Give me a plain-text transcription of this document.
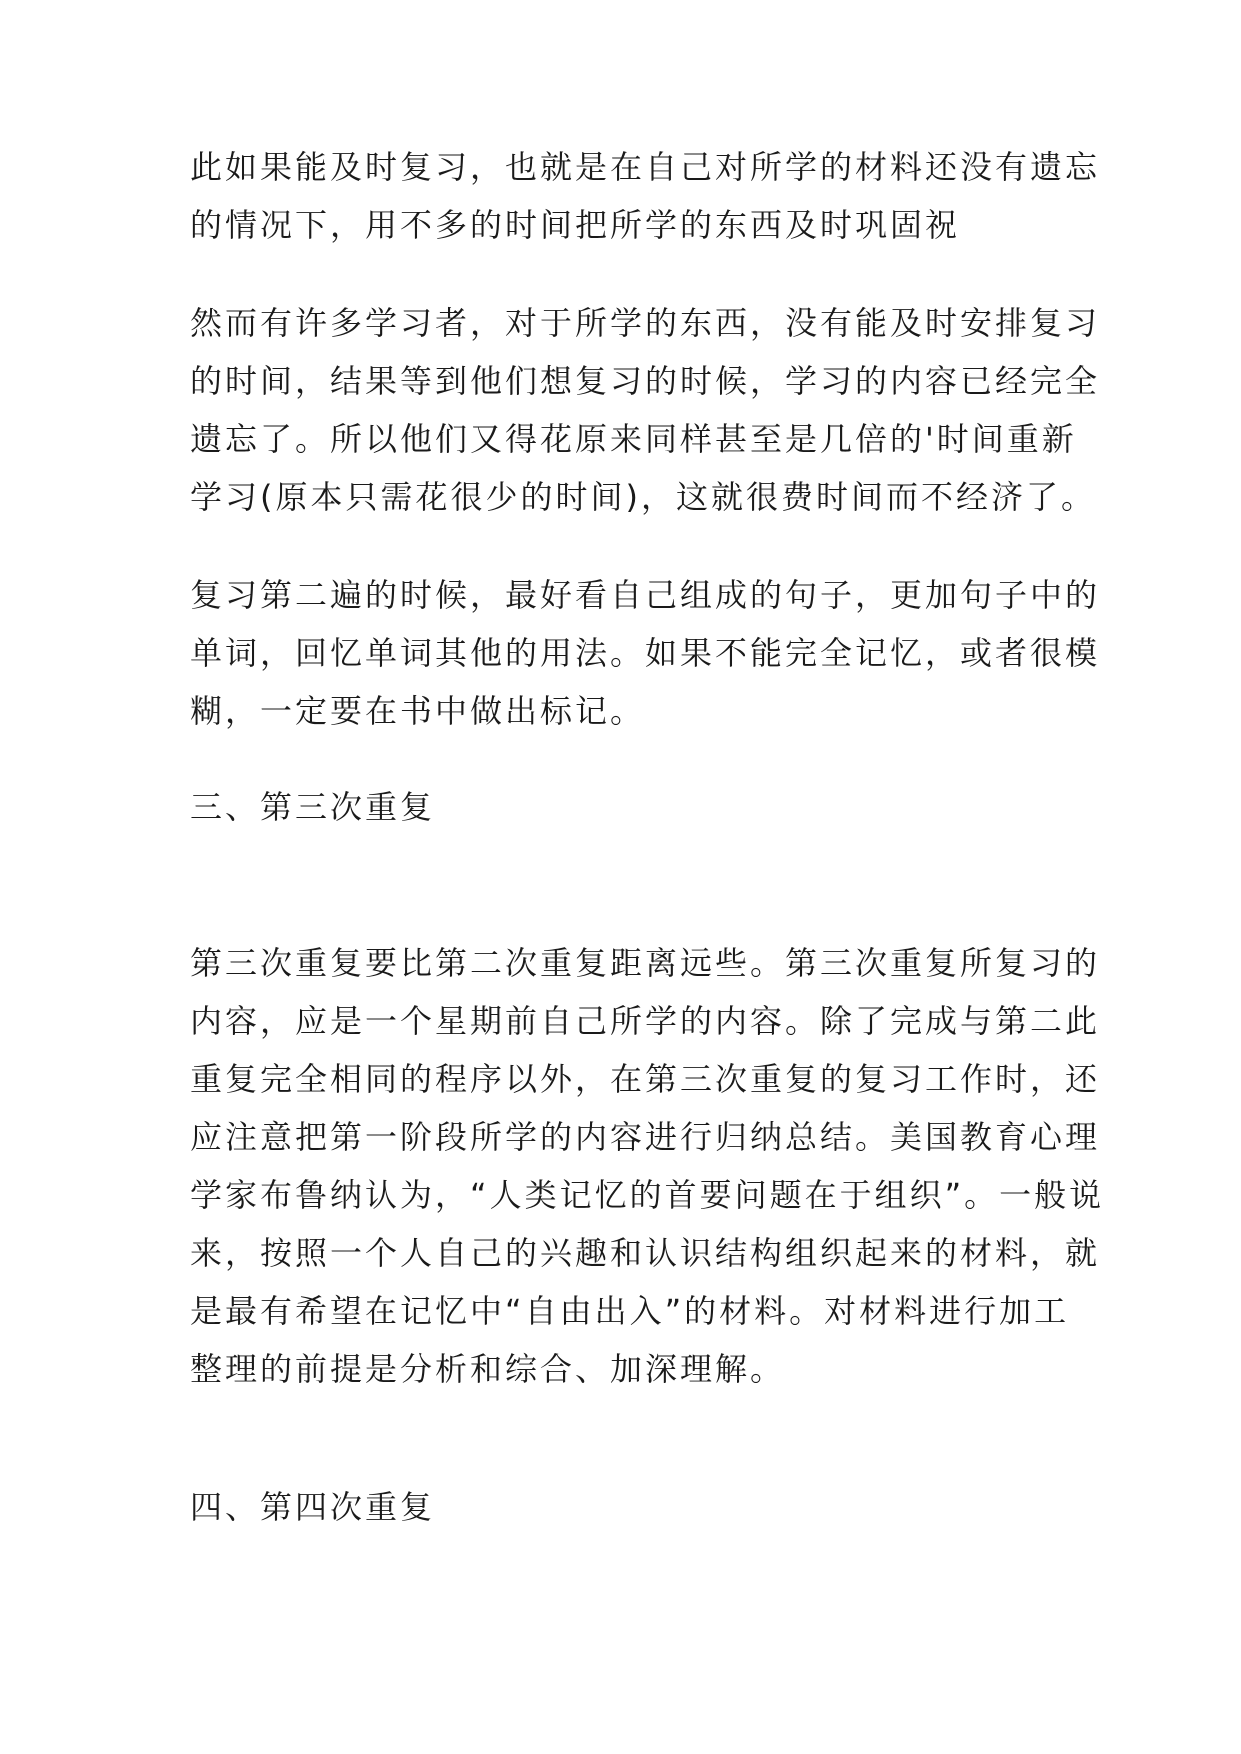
此如果能及时复习，也就是在自己对所学的材料还没有遗忘
的情况下，用不多的时间把所学的东西及时巩固祝
然而有许多学习者，对于所学的东西，没有能及时安排复习
的时间，结果等到他们想复习的时候，学习的内容已经完全
遗忘了。所以他们又得花原来同样甚至是几倍的'时间重新
学习(原本只需花很少的时间)，这就很费时间而不经济了。
复习第二遍的时候，最好看自己组成的句子，更加句子中的
单词，回忆单词其他的用法。如果不能完全记忆，或者很模
糊，一定要在书中做出标记。
三、第三次重复
第三次重复要比第二次重复距离远些。第三次重复所复习的
内容，应是一个星期前自己所学的内容。除了完成与第二此
重复完全相同的程序以外，在第三次重复的复习工作时，还
应注意把第一阶段所学的内容进行归纳总结。美国教育心理
学家布鲁纳认为，“人类记忆的首要问题在于组织”。一般说
来，按照一个人自己的兴趣和认识结构组织起来的材料，就
是最有希望在记忆中“自由出入”的材料。对材料进行加工
整理的前提是分析和综合、加深理解。
四、第四次重复
